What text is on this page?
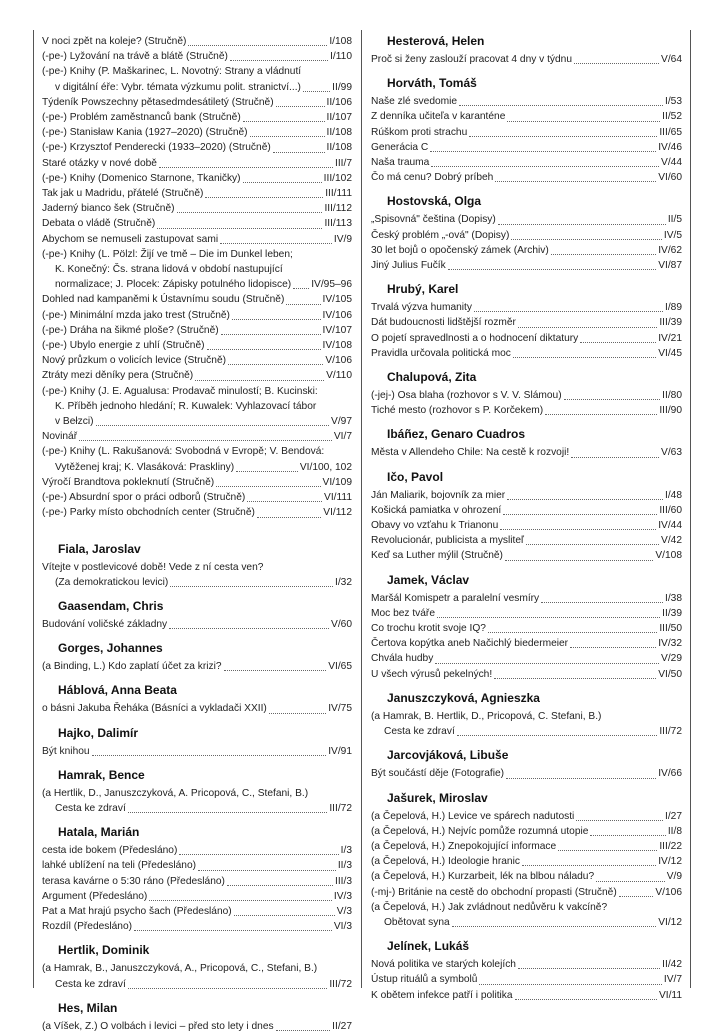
V noci zpět na koleje? (Stručně)	I/108
(-pe-) Lyžování na trávě a blátě (Stručně)	I/110
(-pe-) Knihy (P. Maškarinec, L. Novotný: Strany a vládnutí
v digitální éře: Vybr. témata výzkumu polit. stranictví...)	II/99
Týdeník Powszechny pětasedmdesátiletý (Stručně)	II/106
(-pe-) Problém zaměstnanců bank (Stručně)	II/107
(-pe-) Stanisław Kania (1927–2020) (Stručně)	II/108
(-pe-) Krzysztof Penderecki (1933–2020) (Stručně)	II/108
Staré otázky v nové době	III/7
(-pe-) Knihy (Domenico Starnone, Tkaničky)	III/102
Tak jak u Madridu, přátelé (Stručně)	III/111
Jaderný bianco šek (Stručně)	III/112
Debata o vládě (Stručně)	III/113
Abychom se nemuseli zastupovat sami	IV/9
(-pe-) Knihy (L. Pölzl: Žijí ve tmě – Die im Dunkel leben;
K. Konečný: Čs. strana lidová v období nastupující
normalizace; J. Plocek: Zápisky potulného lidopisce) IV/95–96
Dohled nad kampaněmi k Ústavnímu soudu (Stručně)	IV/105
(-pe-) Minimální mzda jako trest (Stručně)	IV/106
(-pe-) Dráha na šikmé ploše? (Stručně)	IV/107
(-pe-) Ubylo energie z uhlí (Stručně)	IV/108
Nový průzkum o volicích levice (Stručně)	V/106
Ztráty mezi děníky pera (Stručně)	V/110
(-pe-) Knihy (J. E. Agualusa: Prodavač minulostí; B. Kucinski:
K. Příběh jednoho hledání; R. Kuwalek: Vyhlazovací tábor
v Bełzci)	V/97
Novinář	VI/7
(-pe-) Knihy (L. Rakušanová: Svobodná v Evropě; V. Bendová:
Vytěženej kraj; K. Vlasáková: Praskliny)	VI/100, 102
Výročí Brandtova pokleknutí (Stručně)	VI/109
(-pe-) Absurdní spor o práci odborů (Stručně)	VI/111
(-pe-) Parky místo obchodních center (Stručně)	VI/112
Fiala, Jaroslav
Vítejte v postlevicové době! Vede z ní cesta ven?
(Za demokratickou levici)	I/32
Gaasendam, Chris
Budování voličské základny	V/60
Gorges, Johannes
(a Binding, L.) Kdo zaplatí účet za krizi?	VI/65
Háblová, Anna Beata
o básni Jakuba Řeháka (Básníci a vykladači XXII)	IV/75
Hajko, Dalimír
Být knihou	IV/91
Hamrak, Bence
(a Hertlik, D., Januszczyková, A. Pricopová, C., Stefani, B.)
Cesta ke zdraví	III/72
Hatala, Marián
cesta ide bokem (Předesláno)	I/3
lahké ublížení na teli (Předesláno)	II/3
terasa kavárne o 5:30 ráno (Předesláno)	III/3
Argument (Předesláno)	IV/3
Pat a Mat hrajú psycho šach (Předesláno)	V/3
Rozdíl (Předesláno)	VI/3
Hertlik, Dominik
(a Hamrak, B., Januszczyková, A., Pricopová, C., Stefani, B.)
Cesta ke zdraví	III/72
Hes, Milan
(a Víšek, Z.) O volbách i levici – před sto lety i dnes	II/27
Hesterová, Helen
Proč si ženy zaslouží pracovat 4 dny v týdnu	V/64
Horváth, Tomáš
Naše zlé svedomie	I/53
Z denníka učiteľa v karanténe	II/52
Rúškom proti strachu	III/65
Generácia C	IV/46
Naša trauma	V/44
Čo má cenu? Dobrý príbeh	VI/60
Hostovská, Olga
„Spisovná" čeština (Dopisy)	II/5
Český problém „-ová" (Dopisy)	IV/5
30 let bojů o opočenský zámek (Archiv)	IV/62
Jiný Julius Fučík	VI/87
Hrubý, Karel
Trvalá výzva humanity	I/89
Dát budoucnosti lidštější rozměr	III/39
O pojetí spravedlnosti a o hodnocení diktatury	IV/21
Pravidla určovala politická moc	VI/45
Chalupová, Zita
(-jej-) Osa blaha (rozhovor s V. V. Slámou)	II/80
Tiché mesto (rozhovor s P. Korčekem)	III/90
Ibáñez, Genaro Cuadros
Města v Allendeho Chile: Na cestě k rozvoji!	V/63
Ičo, Pavol
Ján Maliarik, bojovník za mier	I/48
Košická pamiatka v ohrození	III/60
Obavy vo vzťahu k Trianonu	IV/44
Revolucionár, publicista a mysliteľ	V/42
Keď sa Luther mýlil (Stručně)	V/108
Jamek, Václav
Maršál Komispetr a paralelní vesmíry	I/38
Moc bez tváře	II/39
Co trochu krotit svoje IQ?	III/50
Čertova kopýtka aneb Načichlý biedermeier	IV/32
Chvála hudby	V/29
U všech výrusů pekelných!	VI/50
Januszczyková, Agnieszka
(a Hamrak, B. Hertlik, D., Pricopová, C. Stefani, B.)
Cesta ke zdraví	III/72
Jarcovjáková, Libuše
Být součástí děje (Fotografie)	IV/66
Jašurek, Miroslav
(a Čepelová, H.) Levice ve spárech nadutosti	I/27
(a Čepelová, H.) Nejvíc pomůže rozumná utopie	II/8
(a Čepelová, H.) Znepokojující informace	III/22
(a Čepelová, H.) Ideologie hranic	IV/12
(a Čepelová, H.) Kurzarbeit, lék na blbou náladu?	V/9
(-mj-) Británie na cestě do obchodní propasti (Stručně)	V/106
(a Čepelová, H.) Jak zvládnout nedůvěru k vakcíně?
Obětovat syna	VI/12
Jelínek, Lukáš
Nová politika ve starých kolejích	II/42
Ústup rituálů a symbolů	IV/7
K obětem infekce patří i politika	VI/11
